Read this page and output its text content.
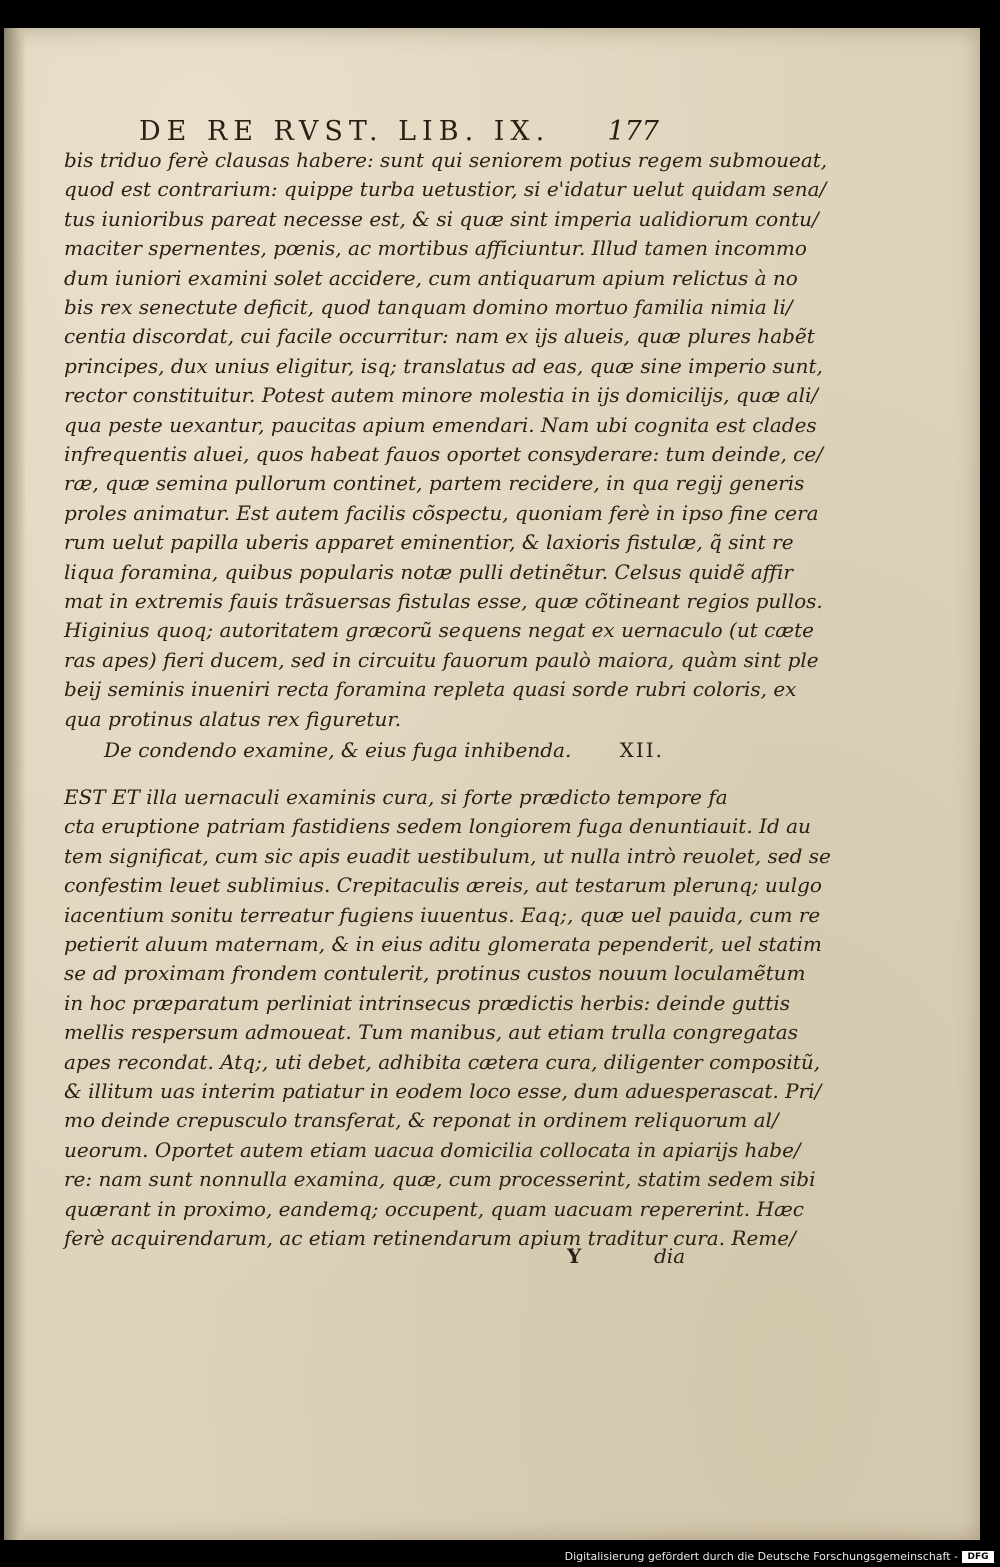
DE RE RVST. LIB. IX. 177
bis triduo ferè clausas habere: sunt qui seniorem potius regem submoueat,
quod est contrarium: quippe turba uetustior, si e'idatur uelut quidam sena/
tus iunioribus pareat necesse est, & si quæ sint imperia ualidiorum contu/
maciter spernentes, pœnis, ac mortibus afficiuntur. Illud tamen incommo
dum iuniori examini solet accidere, cum antiquarum apium relictus à no
bis rex senectute deficit, quod tanquam domino mortuo familia nimia li/
centia discordat, cui facile occurritur: nam ex ijs alueis, quæ plures habẽt
principes, dux unius eligitur, isq; translatus ad eas, quæ sine imperio sunt,
rector constituitur. Potest autem minore molestia in ijs domicilijs, quæ ali/
qua peste uexantur, paucitas apium emendari. Nam ubi cognita est clades
infrequentis aluei, quos habeat fauos oportet consyderare: tum deinde, ce/
ræ, quæ semina pullorum continet, partem recidere, in qua regij generis
proles animatur. Est autem facilis cõspectu, quoniam ferè in ipso fine cera
rum uelut papilla uberis apparet eminentior, & laxioris fistulæ, q̃ sint re
liqua foramina, quibus popularis notæ pulli detinẽtur. Celsus quidẽ affir
mat in extremis fauis trãsuersas fistulas esse, quæ cõtineant regios pullos.
Higinius quoq; autoritatem græcorũ sequens negat ex uernaculo (ut cæte
ras apes) fieri ducem, sed in circuitu fauorum paulò maiora, quàm sint ple
beij seminis inueniri recta foramina repleta quasi sorde rubri coloris, ex
qua protinus alatus rex figuretur.
EST ET illa uernaculi examinis cura, si forte prædicto tempore fa
cta eruptione patriam fastidiens sedem longiorem fuga denuntiauit. Id au
tem significat, cum sic apis euadit uestibulum, ut nulla intrò reuolet, sed se
confestim leuet sublimius. Crepitaculis æreis, aut testarum plerunq; uulgo
iacentium sonitu terreatur fugiens iuuentus. Eaq;, quæ uel pauida, cum re
petierit aluum maternam, & in eius aditu glomerata pependerit, uel statim
se ad proximam frondem contulerit, protinus custos nouum loculamẽtum
in hoc præparatum perliniat intrinsecus prædictis herbis: deinde guttis
mellis respersum admoueat. Tum manibus, aut etiam trulla congregatas
apes recondat. Atq;, uti debet, adhibita cætera cura, diligenter compositũ,
& illitum uas interim patiatur in eodem loco esse, dum aduesperascat. Pri/
mo deinde crepusculo transferat, & reponat in ordinem reliquorum al/
ueorum. Oportet autem etiam uacua domicilia collocata in apiarijs habe/
re: nam sunt nonnulla examina, quæ, cum processerint, statim sedem sibi
quærant in proximo, eandemq; occupent, quam uacuam repererint. Hæc
ferè acquirendarum, ac etiam retinendarum apium traditur cura. Reme/
De condendo examine, & eius fuga inhibenda. XII.
Y	dia
Digitalisierung gefördert durch die Deutsche Forschungsgemeinschaft -	DFG
